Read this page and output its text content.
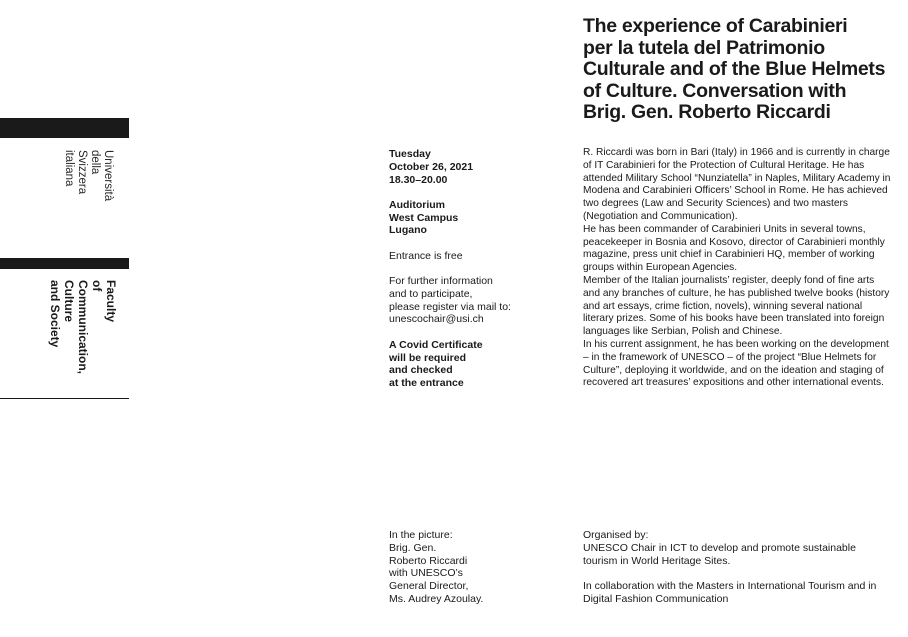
Università
della
Svizzera
italiana
Faculty
of
Communication,
Culture
and Society
The experience of Carabinieri
per la tutela del Patrimonio
Culturale and of the Blue Helmets
of Culture. Conversation with
Brig. Gen. Roberto Riccardi

Tuesday

October 26, 2021

18.30–20.00

Auditorium

West Campus

Lugano

Entrance is free

For further information

and to participate,

please register via mail to:

unescochair@usi.ch

A Covid Certificate

will be required

and checked

at the entrance

R. Riccardi was born in Bari (Italy) in 1966 and is currently in charge of IT Carabinieri for the Protection of Cultural Heritage. He has attended Military School “Nunziatella” in Naples, Military Academy in Modena and Carabinieri Officers’ School in Rome. He has achieved two degrees (Law and Security Sciences) and two masters (Negotiation and Communication).

He has been commander of Carabinieri Units in several towns, peacekeeper in Bosnia and Kosovo, director of Carabinieri monthly magazine, press unit chief in Carabinieri HQ, member of working groups within European Agencies.

Member of the Italian journalists’ register, deeply fond of fine arts and any branches of culture, he has published twelve books (history and art essays, crime fiction, novels), winning several national literary prizes. Some of his books have been translated into foreign languages like Serbian, Polish and Chinese.

In his current assignment, he has been working on the development – in the framework of UNESCO – of the project “Blue Helmets for Culture”, deploying it worldwide, and on the ideation and staging of recovered art treasures’ expositions and other international events.

In the picture:
Brig. Gen.
Roberto Riccardi
with UNESCO’s
General Director,
Ms. Audrey Azoulay.

Organised by:

UNESCO Chair in ICT to develop and promote sustainable tourism in World Heritage Sites.

In collaboration with the Masters in International Tourism and in Digital Fashion Communication
